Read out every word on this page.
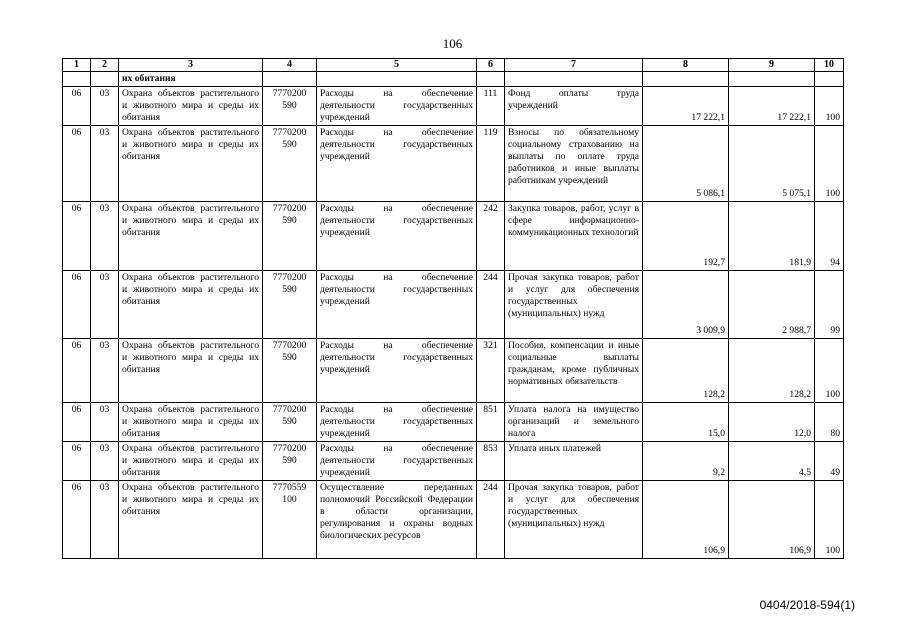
106
1	2	3	4	5	6	7	8	9	10
		их обитания							
06	03	Охрана объектов растительного и животного мира и среды их обитания	7770200 590	Расходы на обеспечение деятельности государственных учреждений	111	Фонд оплаты труда учреждений	17 222,1	17 222,1	100
06	03	Охрана объектов растительного и животного мира и среды их обитания	7770200 590	Расходы на обеспечение деятельности государственных учреждений	119	Взносы по обязательному социальному страхованию на выплаты по оплате труда работников и иные выплаты работникам учреждений	5 086,1	5 075,1	100
06	03	Охрана объектов растительного и животного мира и среды их обитания	7770200 590	Расходы на обеспечение деятельности государственных учреждений	242	Закупка товаров, работ, услуг в сфере информационно-коммуникационных технологий	192,7	181,9	94
06	03	Охрана объектов растительного и животного мира и среды их обитания	7770200 590	Расходы на обеспечение деятельности государственных учреждений	244	Прочая закупка товаров, работ и услуг для обеспечения государственных (муниципальных) нужд	3 009,9	2 988,7	99
06	03	Охрана объектов растительного и животного мира и среды их обитания	7770200 590	Расходы на обеспечение деятельности государственных учреждений	321	Пособия, компенсации и иные социальные выплаты гражданам, кроме публичных нормативных обязательств	128,2	128,2	100
06	03	Охрана объектов растительного и животного мира и среды их обитания	7770200 590	Расходы на обеспечение деятельности государственных учреждений	851	Уплата налога на имущество организаций и земельного налога	15,0	12,0	80
06	03	Охрана объектов растительного и животного мира и среды их обитания	7770200 590	Расходы на обеспечение деятельности государственных учреждений	853	Уплата иных платежей	9,2	4,5	49
06	03	Охрана объектов растительного и животного мира и среды их обитания	7770559 100	Осуществление переданных полномочий Российской Федерации в области организации, регулирования и охраны водных биологических ресурсов	244	Прочая закупка товаров, работ и услуг для обеспечения государственных (муниципальных) нужд	106,9	106,9	100
0404/2018-594(1)
